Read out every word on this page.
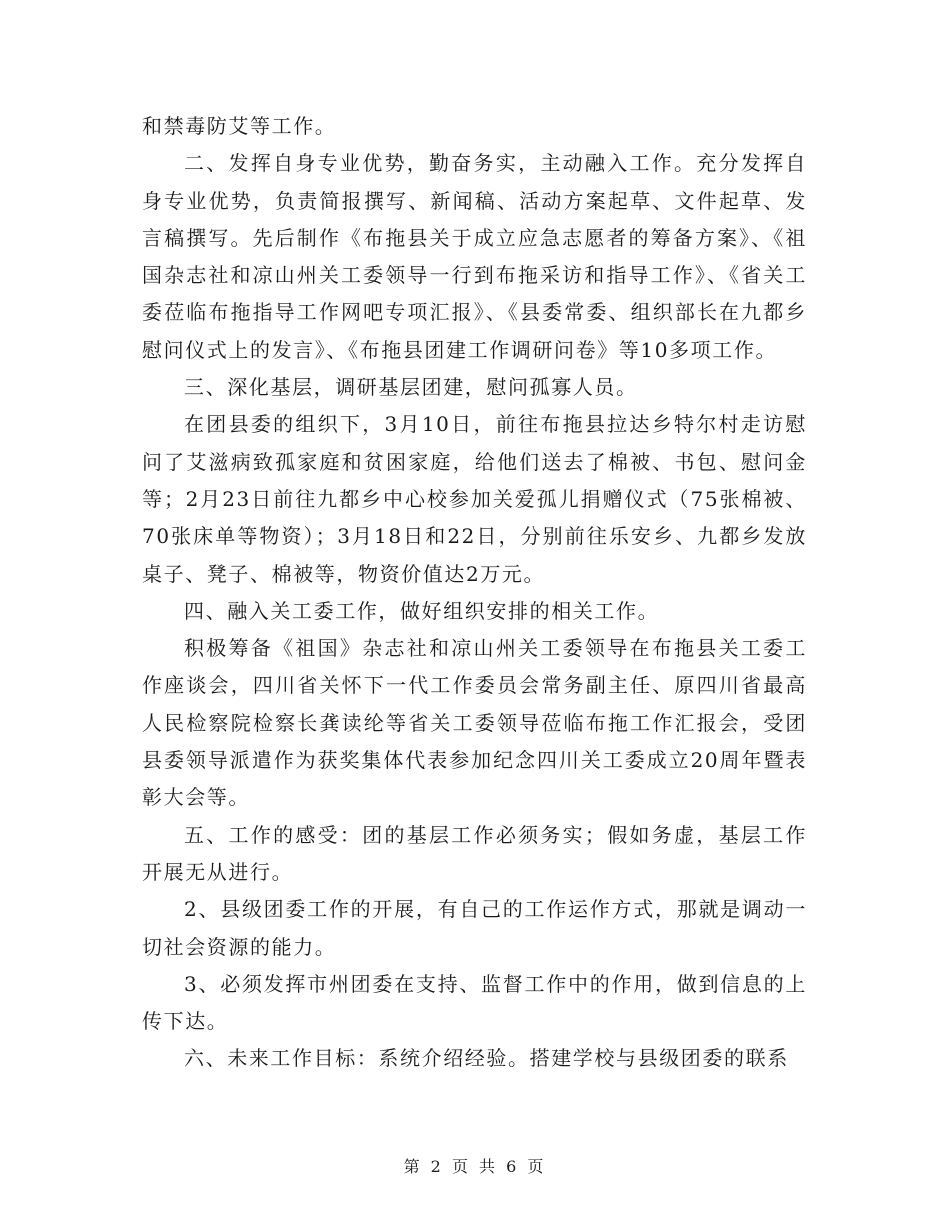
和禁毒防艾等工作。

二、发挥自身专业优势，勤奋务实，主动融入工作。充分发挥自身专业优势，负责简报撰写、新闻稿、活动方案起草、文件起草、发言稿撰写。先后制作《布拖县关于成立应急志愿者的筹备方案》、《祖国杂志社和凉山州关工委领导一行到布拖采访和指导工作》、《省关工委莅临布拖指导工作网吧专项汇报》、《县委常委、组织部长在九都乡慰问仪式上的发言》、《布拖县团建工作调研问卷》等10多项工作。

三、深化基层，调研基层团建，慰问孤寡人员。

在团县委的组织下，3月10日，前往布拖县拉达乡特尔村走访慰问了艾滋病致孤家庭和贫困家庭，给他们送去了棉被、书包、慰问金等；2月23日前往九都乡中心校参加关爱孤儿捐赠仪式（75张棉被、70张床单等物资）；3月18日和22日，分别前往乐安乡、九都乡发放桌子、凳子、棉被等，物资价值达2万元。

四、融入关工委工作，做好组织安排的相关工作。

积极筹备《祖国》杂志社和凉山州关工委领导在布拖县关工委工作座谈会，四川省关怀下一代工作委员会常务副主任、原四川省最高人民检察院检察长龚读纶等省关工委领导莅临布拖工作汇报会，受团县委领导派遣作为获奖集体代表参加纪念四川关工委成立20周年暨表彰大会等。

五、工作的感受：团的基层工作必须务实；假如务虚，基层工作开展无从进行。

2、县级团委工作的开展，有自己的工作运作方式，那就是调动一切社会资源的能力。

3、必须发挥市州团委在支持、监督工作中的作用，做到信息的上传下达。

六、未来工作目标：系统介绍经验。搭建学校与县级团委的联系

第 2 页 共 6 页
